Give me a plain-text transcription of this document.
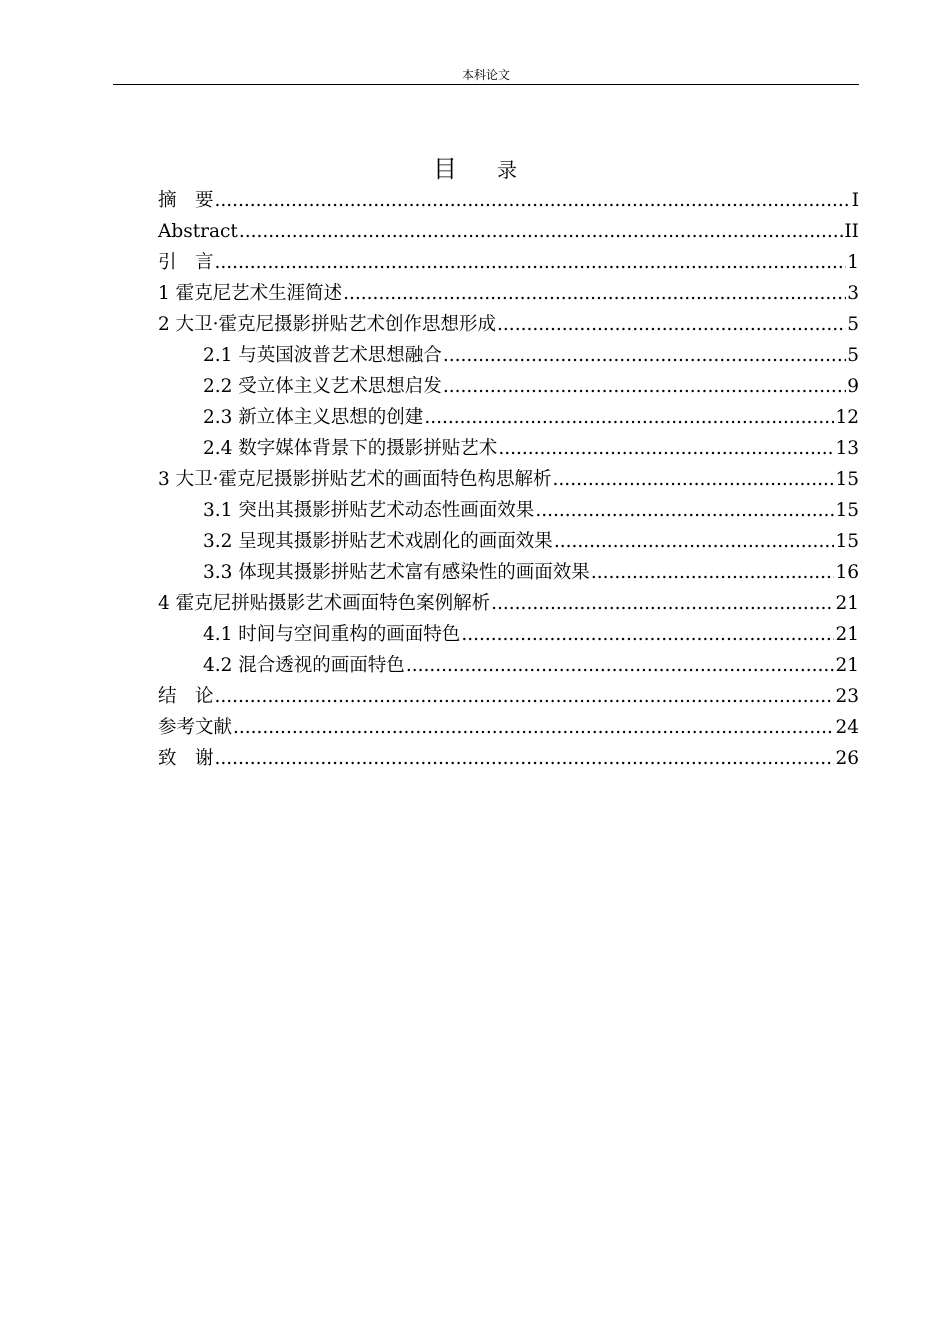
本科论文
目 录
摘　要 .....	I
Abstract .....	II
引　言 .....	1
1 霍克尼艺术生涯简述 .....	3
2 大卫·霍克尼摄影拼贴艺术创作思想形成 .....	5
2.1 与英国波普艺术思想融合 .....	5
2.2 受立体主义艺术思想启发 .....	9
2.3 新立体主义思想的创建 .....	12
2.4 数字媒体背景下的摄影拼贴艺术 .....	13
3 大卫·霍克尼摄影拼贴艺术的画面特色构思解析 .....	15
3.1 突出其摄影拼贴艺术动态性画面效果 .....	15
3.2 呈现其摄影拼贴艺术戏剧化的画面效果 .....	15
3.3 体现其摄影拼贴艺术富有感染性的画面效果 .....	16
4 霍克尼拼贴摄影艺术画面特色案例解析 .....	21
4.1 时间与空间重构的画面特色 .....	21
4.2 混合透视的画面特色 .....	21
结　论 .....	23
参考文献 .....	24
致　谢 .....	26
